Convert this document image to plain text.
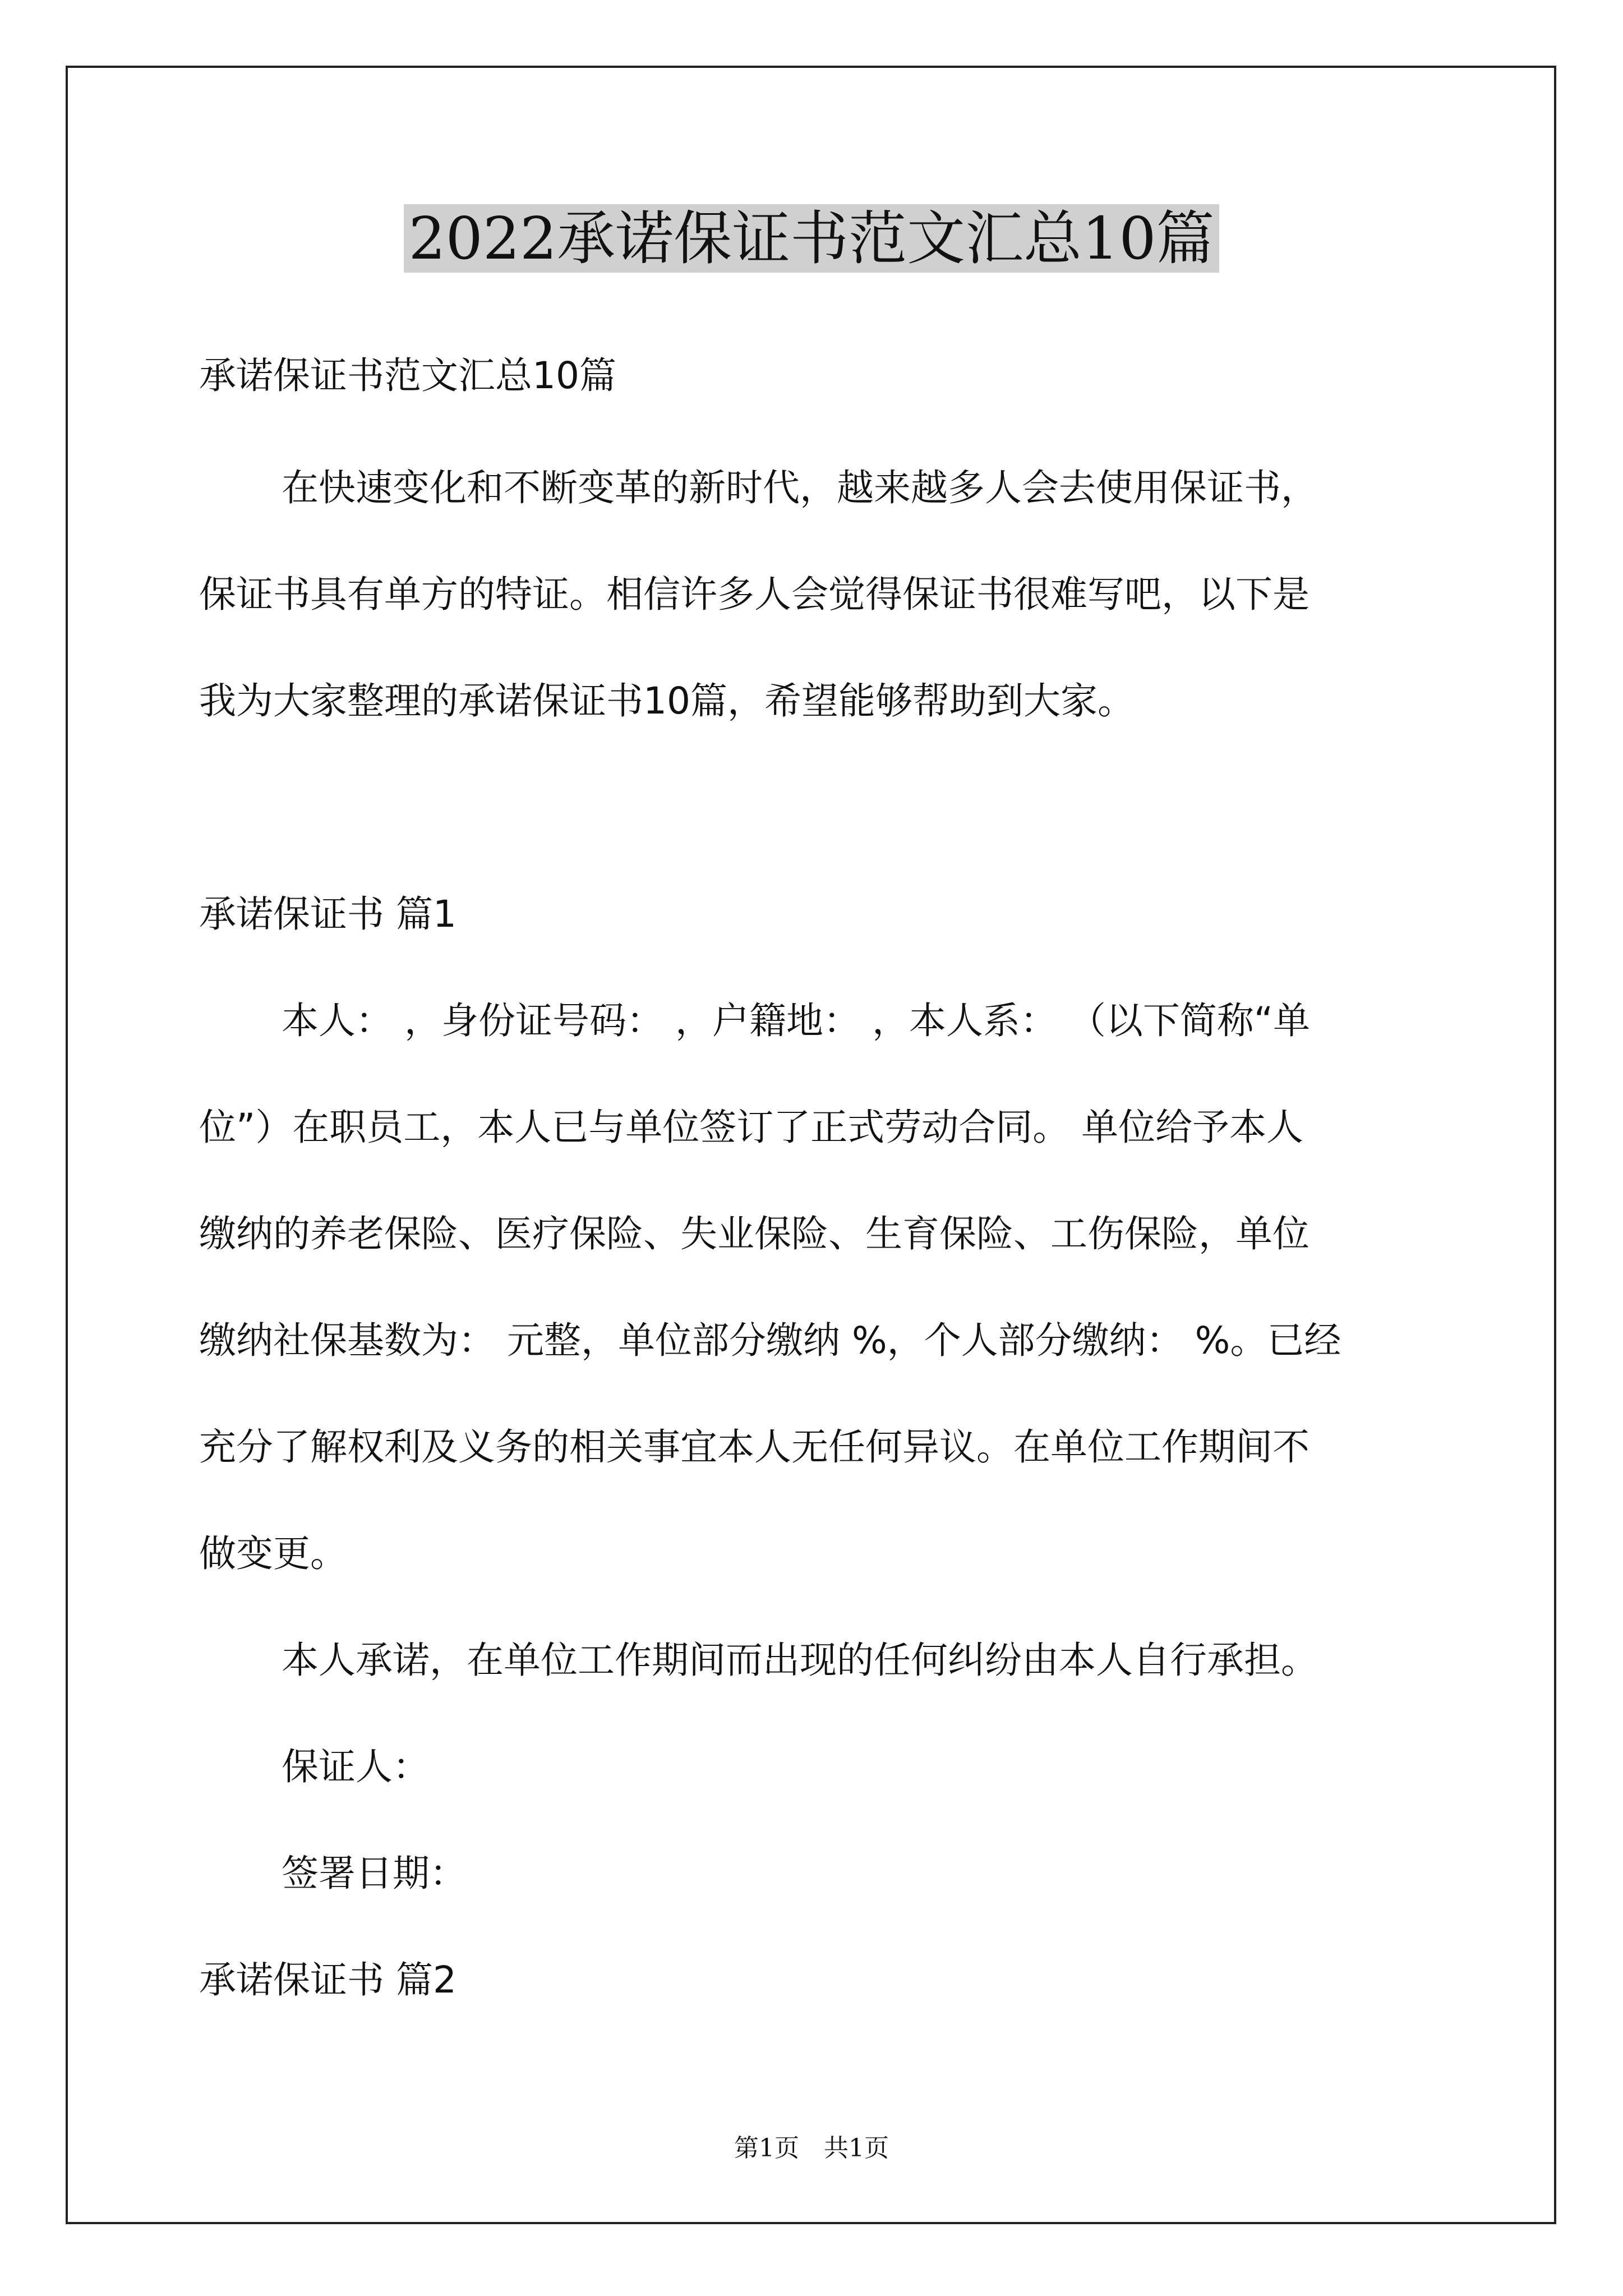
2022承诺保证书范文汇总10篇
承诺保证书范文汇总10篇
在快速变化和不断变革的新时代，越来越多人会去使用保证书，
保证书具有单方的特证。相信许多人会觉得保证书很难写吧，以下是
我为大家整理的承诺保证书10篇，希望能够帮助到大家。
承诺保证书 篇1
本人： ，身份证号码： ，户籍地： ，本人系： （以下简称“单
位”）在职员工，本人已与单位签订了正式劳动合同。 单位给予本人
缴纳的养老保险、医疗保险、失业保险、生育保险、工伤保险，单位
缴纳社保基数为： 元整，单位部分缴纳 %，个人部分缴纳： %。已经
充分了解权利及义务的相关事宜本人无任何异议。在单位工作期间不
做变更。
本人承诺，在单位工作期间而出现的任何纠纷由本人自行承担。
保证人：
签署日期：
承诺保证书 篇2
第1页　共1页
